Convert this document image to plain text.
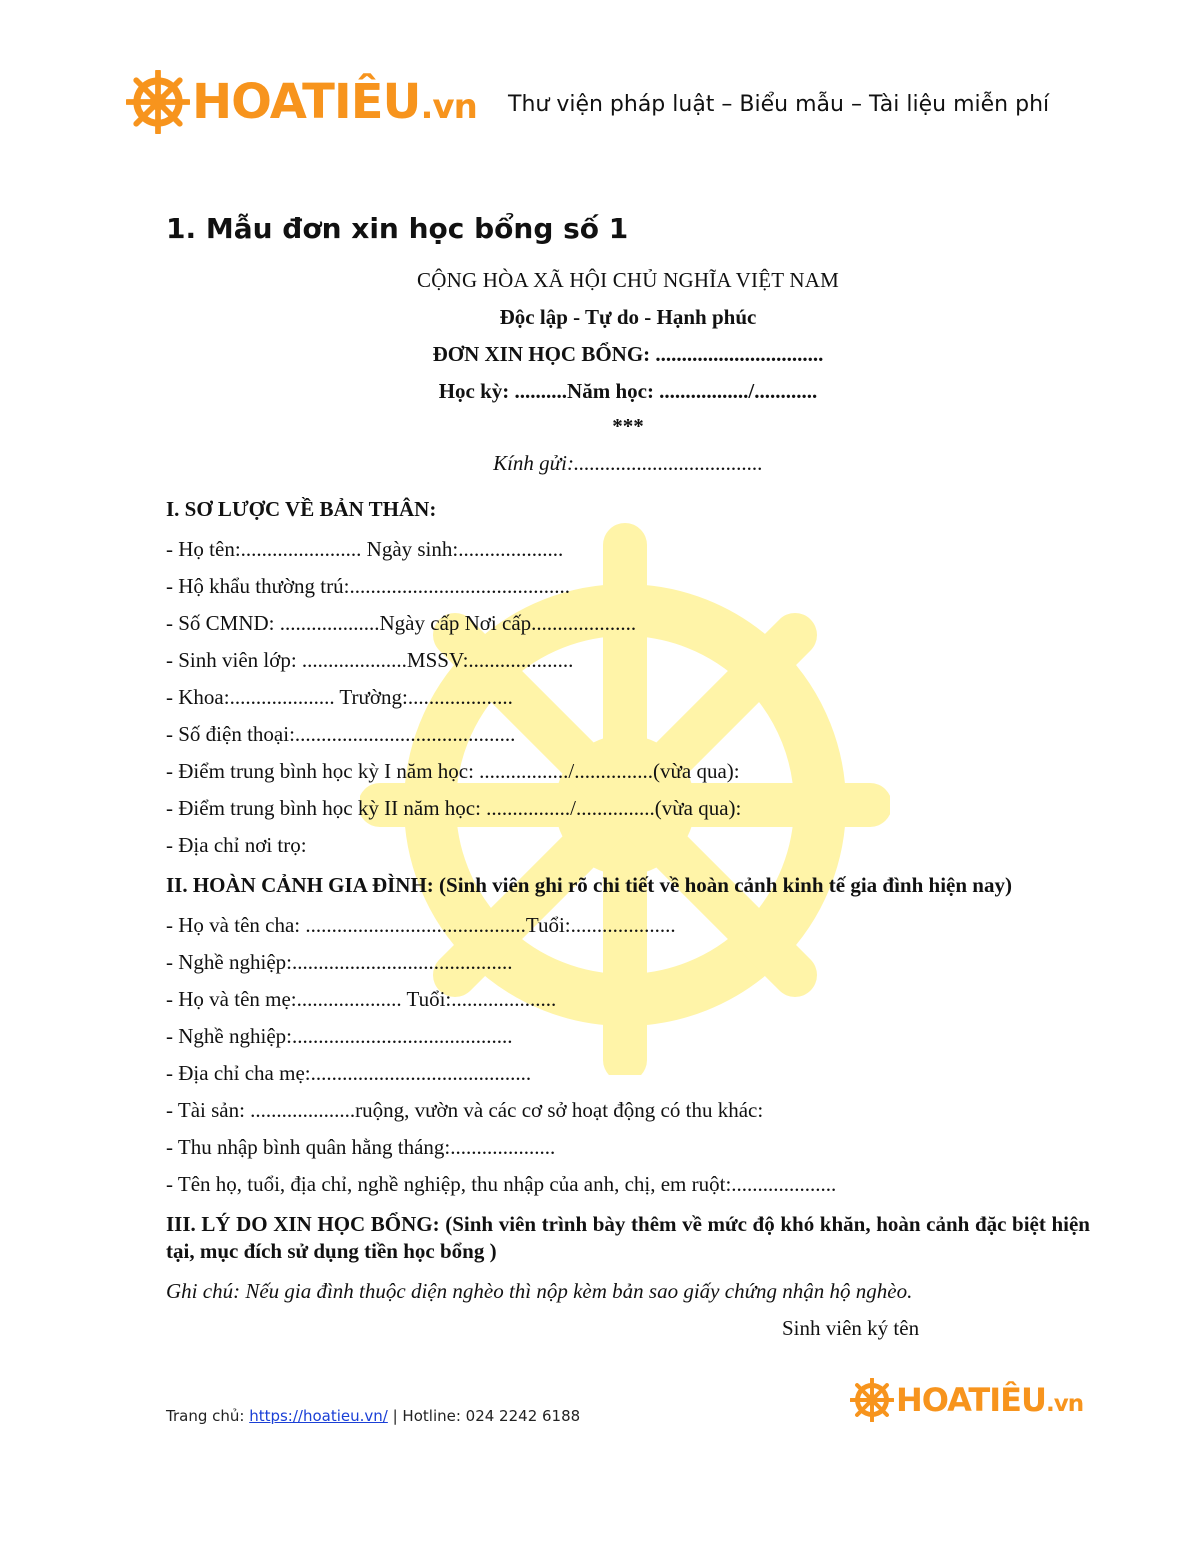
HOATIÊU.vn Thư viện pháp luật – Biểu mẫu – Tài liệu miễn phí
1. Mẫu đơn xin học bổng số 1
CỘNG HÒA XÃ HỘI CHỦ NGHĨA VIỆT NAM
Độc lập - Tự do - Hạnh phúc
ĐƠN XIN HỌC BỔNG: ................................
Học kỳ: ..........Năm học: ................./............
***
Kính gửi:....................................
I. SƠ LƯỢC VỀ BẢN THÂN:
- Họ tên:....................... Ngày sinh:....................
- Hộ khẩu thường trú:..........................................
- Số CMND: ...................Ngày cấp Nơi cấp....................
- Sinh viên lớp: ....................MSSV:....................
- Khoa:.................... Trường:....................
- Số điện thoại:..........................................
- Điểm trung bình học kỳ I năm học: ................./...............(vừa qua):
- Điểm trung bình học kỳ II năm học: ................/...............(vừa qua):
- Địa chỉ nơi trọ:
II. HOÀN CẢNH GIA ĐÌNH: (Sinh viên ghi rõ chi tiết về hoàn cảnh kinh tế gia đình hiện nay)
- Họ và tên cha: ..........................................Tuổi:....................
- Nghề nghiệp:..........................................
- Họ và tên mẹ:.................... Tuổi:....................
- Nghề nghiệp:..........................................
- Địa chỉ cha mẹ:..........................................
- Tài sản: ....................ruộng, vườn và các cơ sở hoạt động có thu khác:
- Thu nhập bình quân hằng tháng:....................
- Tên họ, tuổi, địa chỉ, nghề nghiệp, thu nhập của anh, chị, em ruột:....................
III. LÝ DO XIN HỌC BỔNG: (Sinh viên trình bày thêm về mức độ khó khăn, hoàn cảnh đặc biệt hiện tại, mục đích sử dụng tiền học bổng )
Ghi chú: Nếu gia đình thuộc diện nghèo thì nộp kèm bản sao giấy chứng nhận hộ nghèo.
Sinh viên ký tên
Trang chủ: https://hoatieu.vn/ | Hotline: 024 2242 6188	HOATIÊU.vn
